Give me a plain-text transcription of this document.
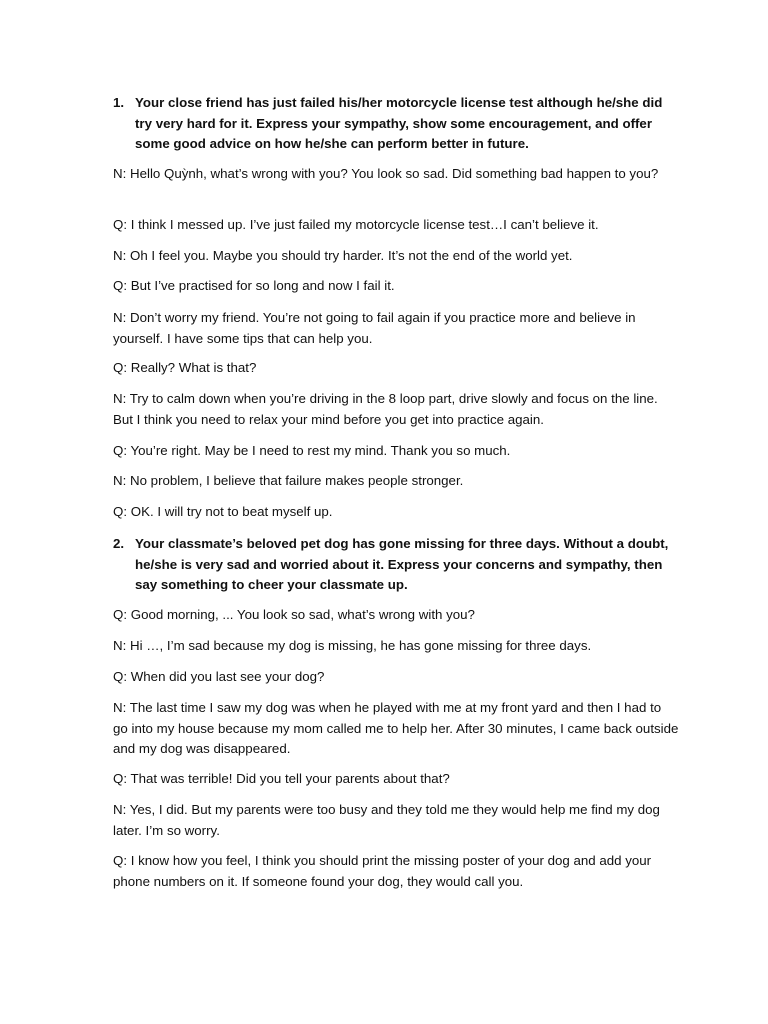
1. Your close friend has just failed his/her motorcycle license test although he/she did try very hard for it. Express your sympathy, show some encouragement, and offer some good advice on how he/she can perform better in future.

N: Hello Quỳnh, what’s wrong with you? You look so sad. Did something bad happen to you?

Q: I think I messed up. I’ve just failed my motorcycle license test…I can’t believe it.

N: Oh I feel you. Maybe you should try harder. It’s not the end of the world yet.

Q: But I’ve practised for so long and now I fail it.

N: Don’t worry my friend. You’re not going to fail again if you practice more and believe in yourself. I have some tips that can help you.

Q: Really? What is that?

N: Try to calm down when you’re driving in the 8 loop part, drive slowly and focus on the line. But I think you need to relax your mind before you get into practice again.

Q: You’re right. May be I need to rest my mind. Thank you so much.

N: No problem, I believe that failure makes people stronger.

Q: OK. I will try not to beat myself up.

2. Your classmate’s beloved pet dog has gone missing for three days. Without a doubt, he/she is very sad and worried about it. Express your concerns and sympathy, then say something to cheer your classmate up.

Q: Good morning, ... You look so sad, what’s wrong with you?

N: Hi …, I’m sad because my dog is missing, he has gone missing for three days.

Q: When did you last see your dog?

N: The last time I saw my dog was when he played with me at my front yard and then I had to go into my house because my mom called me to help her. After 30 minutes, I came back outside and my dog was disappeared.

Q: That was terrible! Did you tell your parents about that?

N: Yes, I did. But my parents were too busy and they told me they would help me find my dog later. I’m so worry.

Q: I know how you feel, I think you should print the missing poster of your dog and add your phone numbers on it. If someone found your dog, they would call you.
